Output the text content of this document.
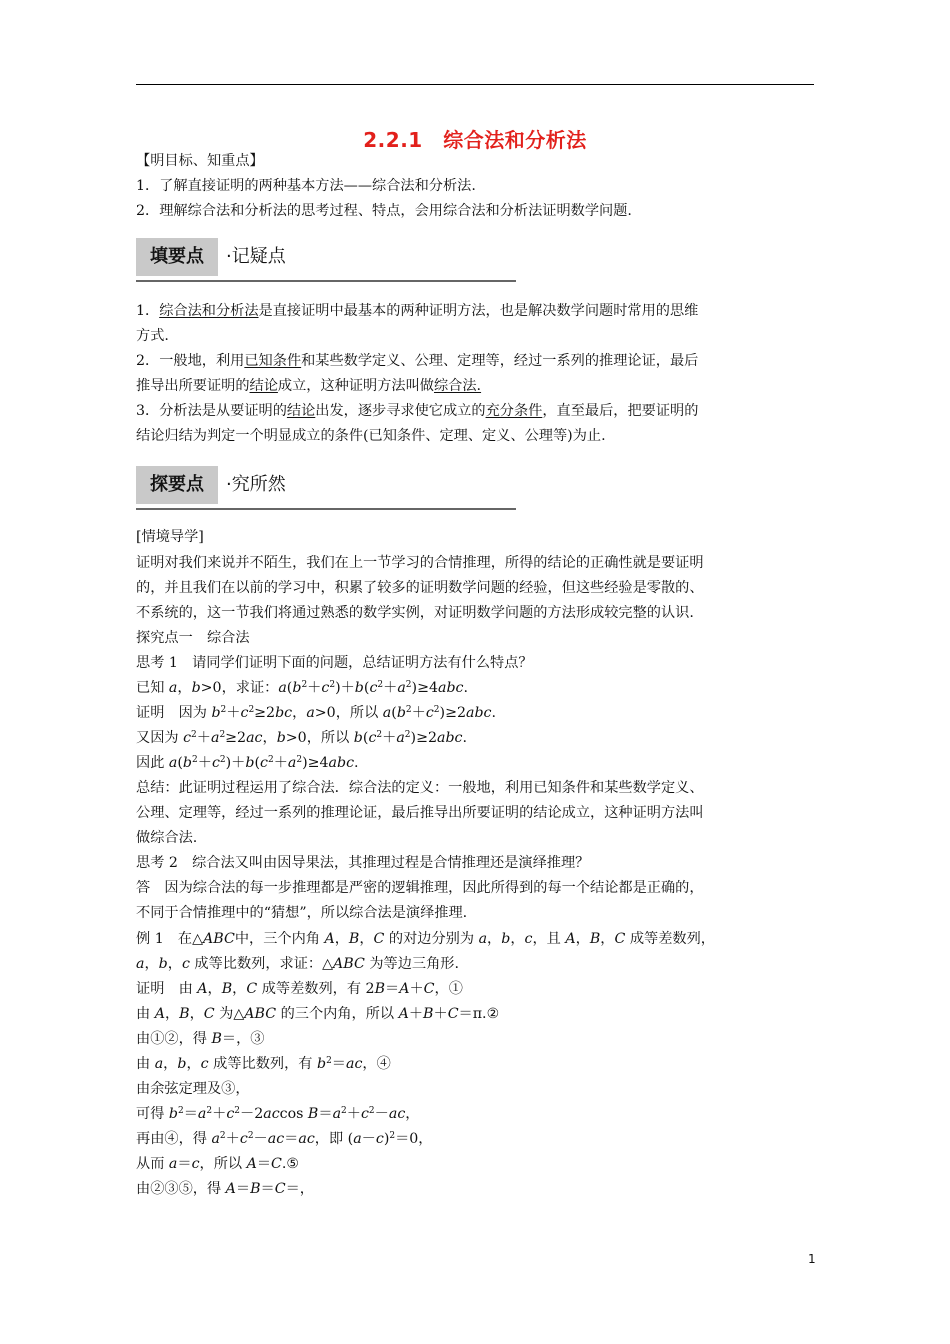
2.2.1　综合法和分析法
【明目标、知重点】
1．了解直接证明的两种基本方法——综合法和分析法.
2．理解综合法和分析法的思考过程、特点，会用综合法和分析法证明数学问题.
填要点	·记疑点
1．综合法和分析法是直接证明中最基本的两种证明方法，也是解决数学问题时常用的思维
方式.
2．一般地，利用已知条件和某些数学定义、公理、定理等，经过一系列的推理论证，最后
推导出所要证明的结论成立，这种证明方法叫做综合法.
3．分析法是从要证明的结论出发，逐步寻求使它成立的充分条件，直至最后，把要证明的
结论归结为判定一个明显成立的条件(已知条件、定理、定义、公理等)为止.
探要点	·究所然
[情境导学]
证明对我们来说并不陌生，我们在上一节学习的合情推理，所得的结论的正确性就是要证明
的，并且我们在以前的学习中，积累了较多的证明数学问题的经验，但这些经验是零散的、
不系统的，这一节我们将通过熟悉的数学实例，对证明数学问题的方法形成较完整的认识.
探究点一　综合法
思考 1　请同学们证明下面的问题，总结证明方法有什么特点？
已知 a，b>0，求证：$a(b^2+c^2)+b(c^2+a^2)\ge 4abc$.
证明　因为 $b^2+c^2\ge 2bc$，a>0，所以 $a(b^2+c^2)\ge 2abc$.
又因为 $c^2+a^2\ge 2ac$，b>0，所以 $b(c^2+a^2)\ge 2abc$.
因此 $a(b^2+c^2)+b(c^2+a^2)\ge 4abc$.
总结：此证明过程运用了综合法．综合法的定义：一般地，利用已知条件和某些数学定义、
公理、定理等，经过一系列的推理论证，最后推导出所要证明的结论成立，这种证明方法叫
做综合法.
思考 2　综合法又叫由因导果法，其推理过程是合情推理还是演绎推理？
答　因为综合法的每一步推理都是严密的逻辑推理，因此所得到的每一个结论都是正确的，
不同于合情推理中的“猜想”，所以综合法是演绎推理.
例 1　在△ABC中，三个内角 A，B，C 的对边分别为 a，b，c，且 A，B，C 成等差数列，
a，b，c 成等比数列，求证：△ABC 为等边三角形.
证明　由 A，B，C 成等差数列，有 2B＝A＋C，①
由 A，B，C 为△ABC 的三个内角，所以 A＋B＋C＝π.②
由①②，得 B＝，③
由 a，b，c 成等比数列，有 $b^2=ac$，④
由余弦定理及③，
可得 $b^2=a^2+c^2-2accos$ $B=a^2+c^2-ac$，
再由④，得 $a^2+c^2-ac=ac$，即 $(a-c)^2=0$，
从而 a＝c，所以 A＝C.⑤
由②③⑤，得 A＝B＝C＝，
1
